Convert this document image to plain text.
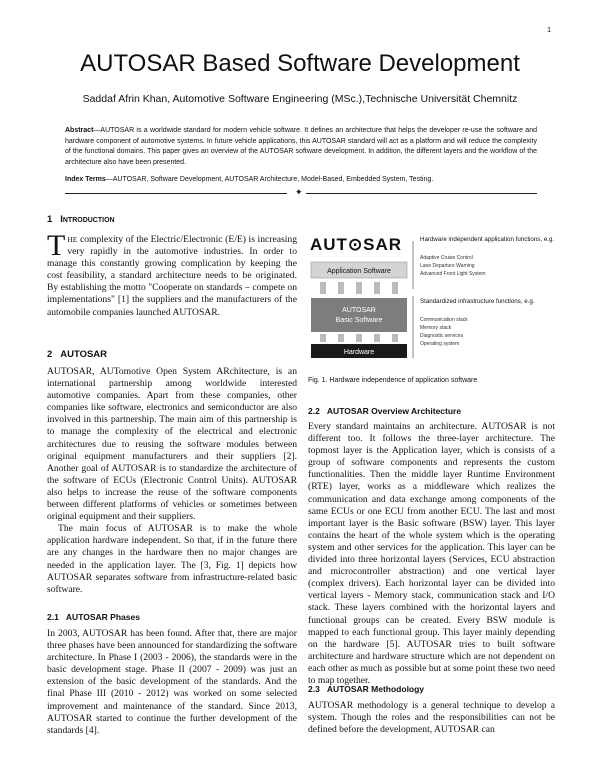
1
AUTOSAR Based Software Development
Saddaf Afrin Khan, Automotive Software Engineering (MSc.),Technische Universität Chemnitz
Abstract—AUTOSAR is a worldwide standard for modern vehicle software. It defines an architecture that helps the developer re-use the software and hardware component of automotive systems. In future vehicle applications, this AUTOSAR standard will act as a platform and will reduce the complexity of the functional domains. This paper gives an overview of the AUTOSAR software development. In addition, the different layers and the workflow of the architecture also have been presented.
Index Terms—AUTOSAR, Software Development, AUTOSAR Architecture, Model-Based, Embedded System, Testing.
✦
1 INTRODUCTION
THE complexity of the Electric/Electronic (E/E) is increasing very rapidly in the automotive industries. In order to manage this constantly growing complication by keeping the cost feasibility, a standard architecture needs to be originated. By establishing the motto "Cooperate on standards – compete on implementations" [1] the suppliers and the manufacturers of the automobile companies launched AUTOSAR.
2 AUTOSAR

AUTOSAR, AUTomotive Open System ARchitecture, is an international partnership among worldwide interested automotive companies. Apart from these companies, other companies like software, electronics and semiconductor are also involved in this partnership. The main aim of this partnership is to manage the complexity of the electrical and electronic architectures due to reusing the software modules between original equipment manufacturers and their suppliers [2]. Another goal of AUTOSAR is to standardize the architecture of the software of ECUs (Electronic Control Units). AUTOSAR also helps to increase the reuse of the software components between different platforms of vehicles or sometimes between original equipment and their suppliers.

The main focus of AUTOSAR is to make the whole application hardware independent. So that, if in the future there are any changes in the hardware then no major changes are needed in the application layer. The [3, Fig. 1] depicts how AUTOSAR separates software from infrastructure-related basic software.

2.1 AUTOSAR Phases
In 2003, AUTOSAR has been found. After that, there are major three phases have been announced for standardizing the software architecture. In Phase I (2003 - 2006), the standards were in the basic development stage. Phase II (2007 - 2009) was just an extension of the basic development of the standards. And the final Phase III (2010 - 2012) was worked on some selected improvement and maintenance of the standard. Since 2013, AUTOSAR started to continue the further development of the standards [4].
AUT⊙SAR
Application Software
AUTOSAR
Basic Software
Hardware
Hardware independent application functions, e.g.
Adaptive Cruise Control
Lane Departure Warning
Advanced Front Light System
Standardized infrastructure functions, e.g.
Communication stack
Memory stack
Diagnostic services
Operating system
Fig. 1. Hardware independence of application software
2.2 AUTOSAR Overview Architecture
Every standard maintains an architecture. AUTOSAR is not different too. It follows the three-layer architecture. The topmost layer is the Application layer, which is consists of a group of software components and represents the custom functionalities. Then the middle layer Runtime Environment (RTE) layer, works as a middleware which realizes the communication and data exchange among components of the same ECUs or one ECU from another ECU. The last and most important layer is the Basic software (BSW) layer. This layer contains the heart of the whole system which is the operating system and other services for the application. This layer can be divided into three horizontal layers (Services, ECU abstraction and microcontroller abstraction) and one vertical layer (complex drivers). Each horizontal layer can be divided into vertical layers - Memory stack, communication stack and I/O stack. These layers combined with the horizontal layers and functional groups can be created. Every BSW module is mapped to each functional group. This layer mainly depending on the hardware [5]. AUTOSAR tries to built software architecture and hardware structure which are not dependent on each other as much as possible but at some point these two need to map together.
2.3 AUTOSAR Methodology
AUTOSAR methodology is a general technique to develop a system. Though the roles and the responsibilities can not be defined before the development, AUTOSAR can
